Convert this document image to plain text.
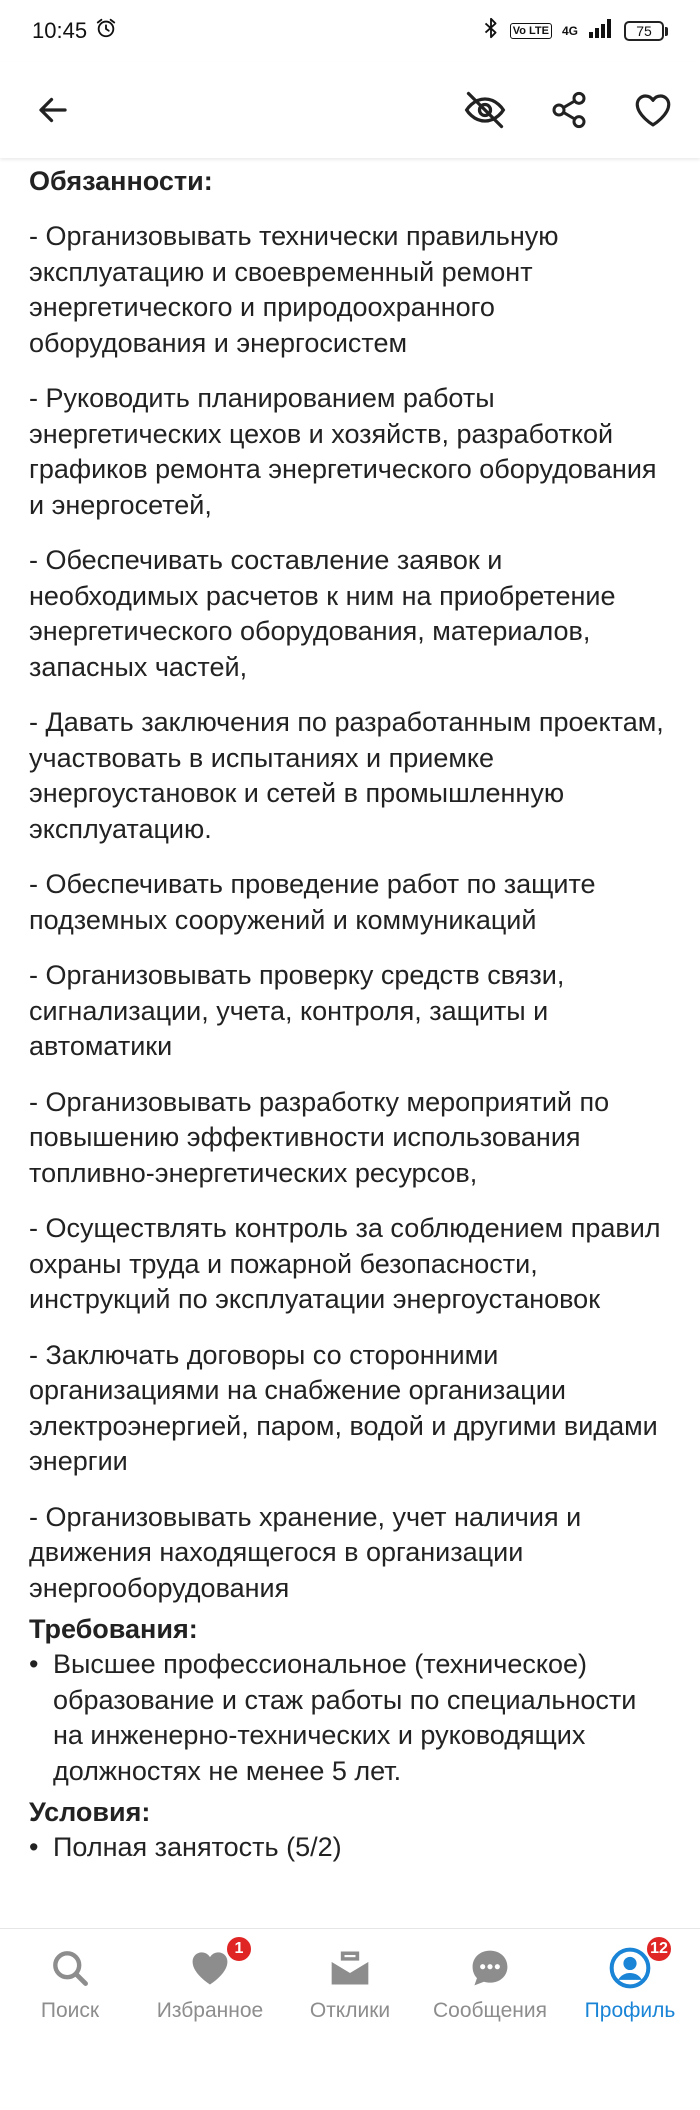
10:45	Vo LTE 4G	75
Обязанности:

- Организовывать технически правильную эксплуатацию и своевременный ремонт энергетического и природоохранного оборудования и энергосистем

- Руководить планированием работы энергетических цехов и хозяйств, разработкой графиков ремонта энергетического оборудования и энергосетей,

- Обеспечивать составление заявок и необходимых расчетов к ним на приобретение энергетического оборудования, материалов, запасных частей,

- Давать заключения по разработанным проектам, участвовать в испытаниях и приемке энергоустановок и сетей в промышленную эксплуатацию.

- Обеспечивать проведение работ по защите подземных сооружений и коммуникаций

- Организовывать проверку средств связи, сигнализации, учета, контроля, защиты и автоматики

- Организовывать разработку мероприятий по повышению эффективности использования топливно-энергетических ресурсов,

- Осуществлять контроль за соблюдением правил охраны труда и пожарной безопасности, инструкций по эксплуатации энергоустановок

- Заключать договоры со сторонними организациями на снабжение организации электроэнергией, паром, водой и другими видами энергии

- Организовывать хранение, учет наличия и движения находящегося в организации энергооборудования

Требования:
• Высшее профессиональное (техническое) образование и стаж работы по специальности на инженерно-технических и руководящих должностях не менее 5 лет.
Условия:
• Полная занятость (5/2)
Поиск
1
Избранное Отклики Сообщения
12
Профиль
